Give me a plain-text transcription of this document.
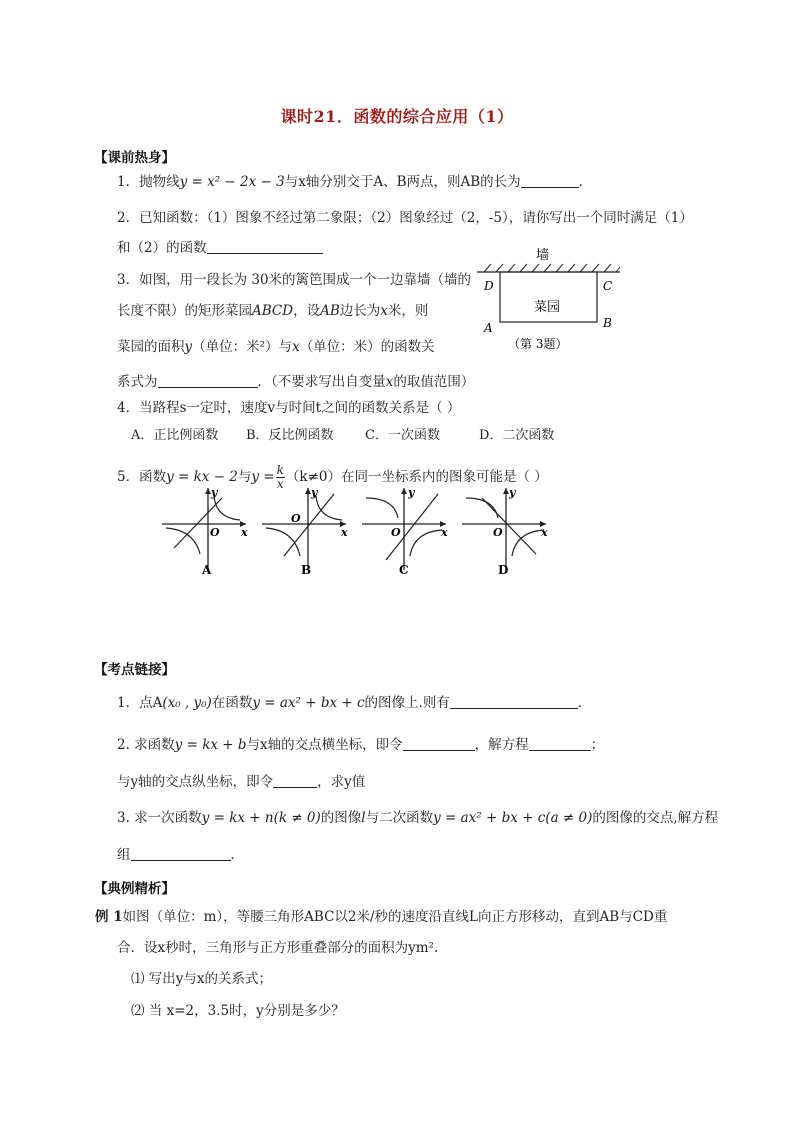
课时21．函数的综合应用（1）
【课前热身】
1．抛物线y = x² − 2x − 3与x轴分别交于A、B两点，则AB的长为	．
2．已知函数：（1）图象不经过第二象限；（2）图象经过（2，-5），请你写出一个同时满足（1）
和（2）的函数
3．如图，用一段长为 30米的篱笆围成一个一边靠墙（墙的
长度不限）的矩形菜园ABCD，设AB边长为x米，则
菜园的面积y（单位：米²）与x（单位：米）的函数关
系式为	．（不要求写出自变量x的取值范围）
墙
菜园
D	C
A	B
（第 3题）
4．当路程s一定时，速度v与时间t之间的函数关系是（ ）
A．正比例函数 B．反比例函数 C．一次函数	D．二次函数
5．函数y = kx − 2与$y = \frac{k}{x} (k\ne 0)$在同一坐标系内的图象可能是（ ）
y
x
O
y
x
O
y
x
O
y
x
O
A	B	C	D
【考点链接】
1．点A(x₀ , y₀)在函数y = ax² + bx + c的图像上.则有	．
2. 求函数y = kx + b与x轴的交点横坐标，即令	，解方程	；
与y轴的交点纵坐标，即令	，求y值
3. 求一次函数y = kx + n(k ≠ 0)的图像l与二次函数y = ax² + bx + c(a ≠ 0)的图像的交点,解方程
组	．
【典例精析】
例 1如图（单位：m），等腰三角形ABC以2米/秒的速度沿直线L向正方形移动，直到AB与CD重
合．设x秒时，三角形与正方形重叠部分的面积为ym².
⑴ 写出y与x的关系式；
⑵ 当 x=2，3.5时，y分别是多少？
